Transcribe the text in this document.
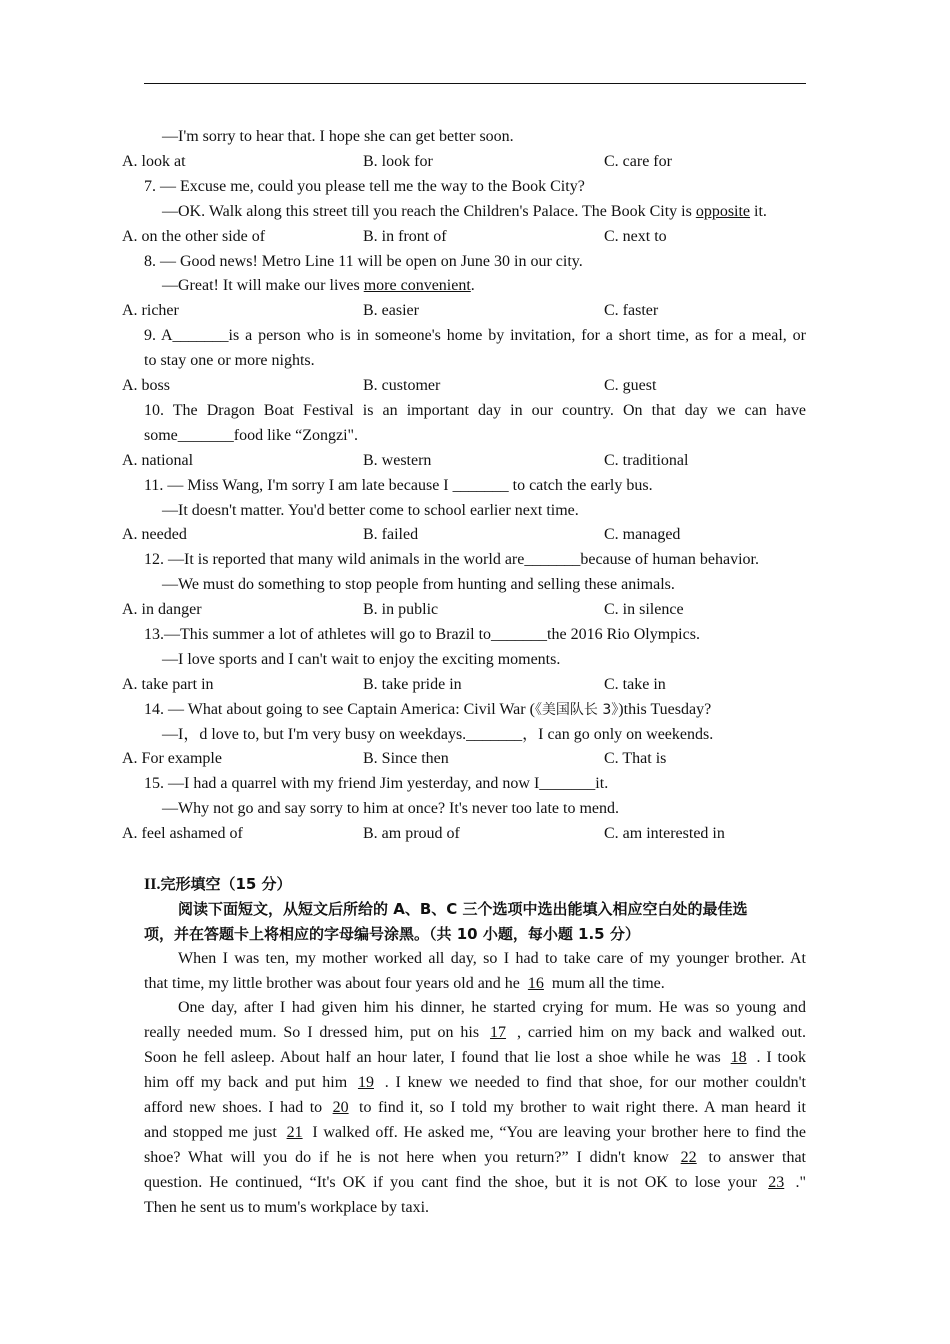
—I'm sorry to hear that. I hope she can get better soon.
A. look at	B. look for	C. care for
7. — Excuse me, could you please tell me the way to the Book City?
—OK. Walk along this street till you reach the Children's Palace. The Book City is opposite it.
A. on the other side of	B. in front of	C. next to
8. — Good news! Metro Line 11 will be open on June 30 in our city.
—Great! It will make our lives more convenient.
A. richer	B. easier	C. faster
9. A_______is a person who is in someone's home by invitation, for a short time, as for a meal, or
to stay one or more nights.
A. boss	B. customer	C. guest
10. The Dragon Boat Festival is an important day in our country. On that day we can have
some_______food like “Zongzi".
A. national	B. western	C. traditional
11. — Miss Wang, I'm sorry I am late because I _______ to catch the early bus.
—It doesn't matter. You'd better come to school earlier next time.
A. needed	B. failed	C. managed
12. —It is reported that many wild animals in the world are_______because of human behavior.
—We must do something to stop people from hunting and selling these animals.
A. in danger	B. in public	C. in silence
13.—This summer a lot of athletes will go to Brazil to_______the 2016 Rio Olympics.
—I love sports and I can't wait to enjoy the exciting moments.
A. take part in	B. take pride in	C. take in
14. — What about going to see Captain America: Civil War (《美国队长 3》)this Tuesday?
—I，d love to, but I'm very busy on weekdays._______，I can go only on weekends.
A. For example	B. Since then	C. That is
15. —I had a quarrel with my friend Jim yesterday, and now I_______it.
—Why not go and say sorry to him at once? It's never too late to mend.
A. feel ashamed of	B. am proud of	C. am interested in
II.完形填空（15 分）
阅读下面短文，从短文后所给的 A、B、C 三个选项中选出能填入相应空白处的最佳选
项，并在答题卡上将相应的字母编号涂黑。（共 10 小题，每小题 1.5 分）
When I was ten, my mother worked all day, so I had to take care of my younger brother. At
that time, my little brother was about four years old and he 16 mum all the time.
One day, after I had given him his dinner, he started crying for mum. He was so young and
really needed mum. So I dressed him, put on his 17 , carried him on my back and walked out.
Soon he fell asleep. About half an hour later, I found that lie lost a shoe while he was 18 . I took
him off my back and put him 19 . I knew we needed to find that shoe, for our mother couldn't
afford new shoes. I had to 20 to find it, so I told my brother to wait right there. A man heard it
and stopped me just 21 I walked off. He asked me, “You are leaving your brother here to find the
shoe? What will you do if he is not here when you return?” I didn't know 22 to answer that
question. He continued, “It's OK if you cant find the shoe, but it is not OK to lose your 23 ."
Then he sent us to mum's workplace by taxi.
